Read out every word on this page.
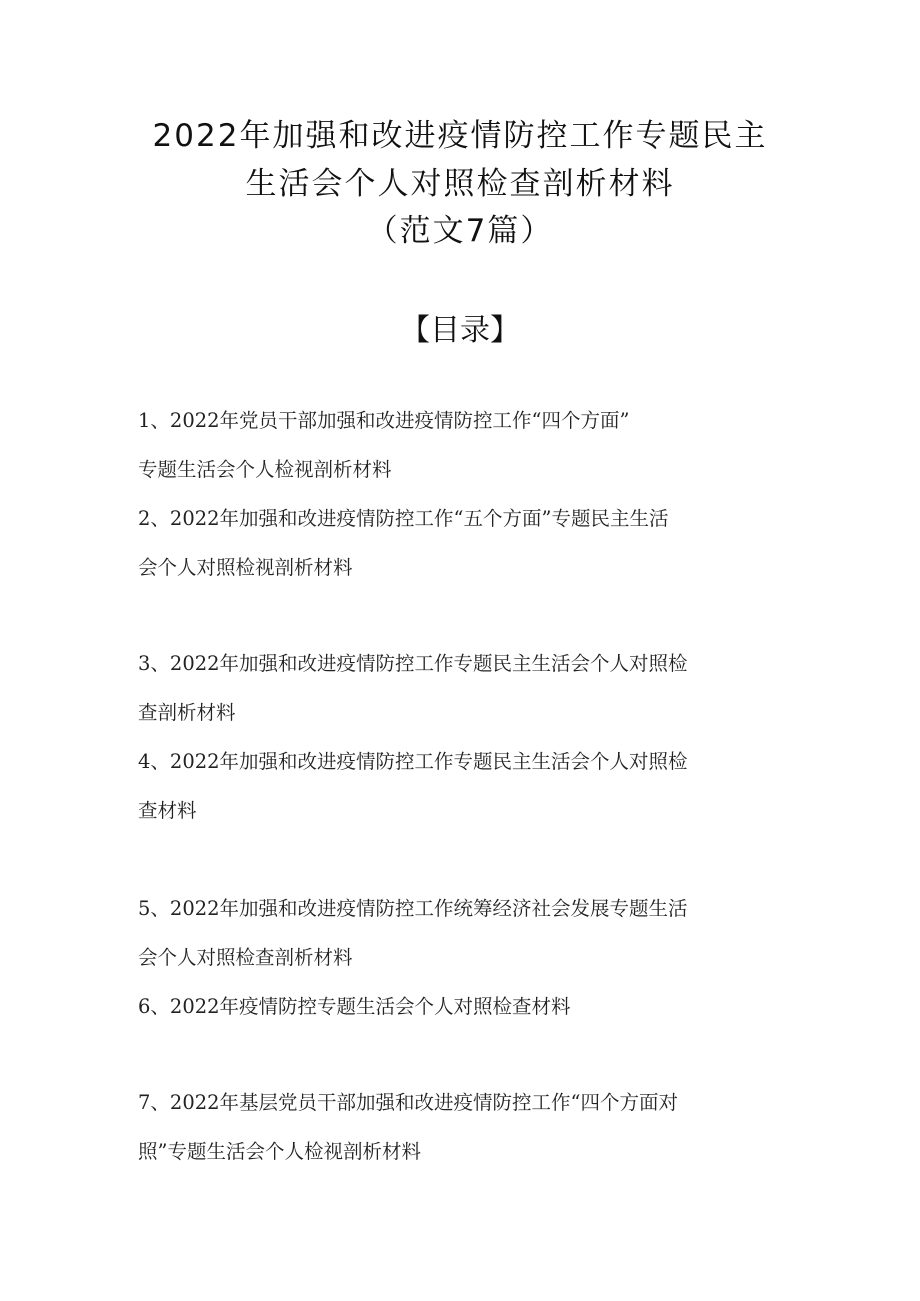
2022年加强和改进疫情防控工作专题民主
生活会个人对照检查剖析材料
（范文7篇）
【目录】
1、2022年党员干部加强和改进疫情防控工作“四个方面”
专题生活会个人检视剖析材料
2、2022年加强和改进疫情防控工作“五个方面”专题民主生活
会个人对照检视剖析材料
3、2022年加强和改进疫情防控工作专题民主生活会个人对照检
查剖析材料
4、2022年加强和改进疫情防控工作专题民主生活会个人对照检
查材料
5、2022年加强和改进疫情防控工作统筹经济社会发展专题生活
会个人对照检查剖析材料
6、2022年疫情防控专题生活会个人对照检查材料
7、2022年基层党员干部加强和改进疫情防控工作“四个方面对
照”专题生活会个人检视剖析材料
